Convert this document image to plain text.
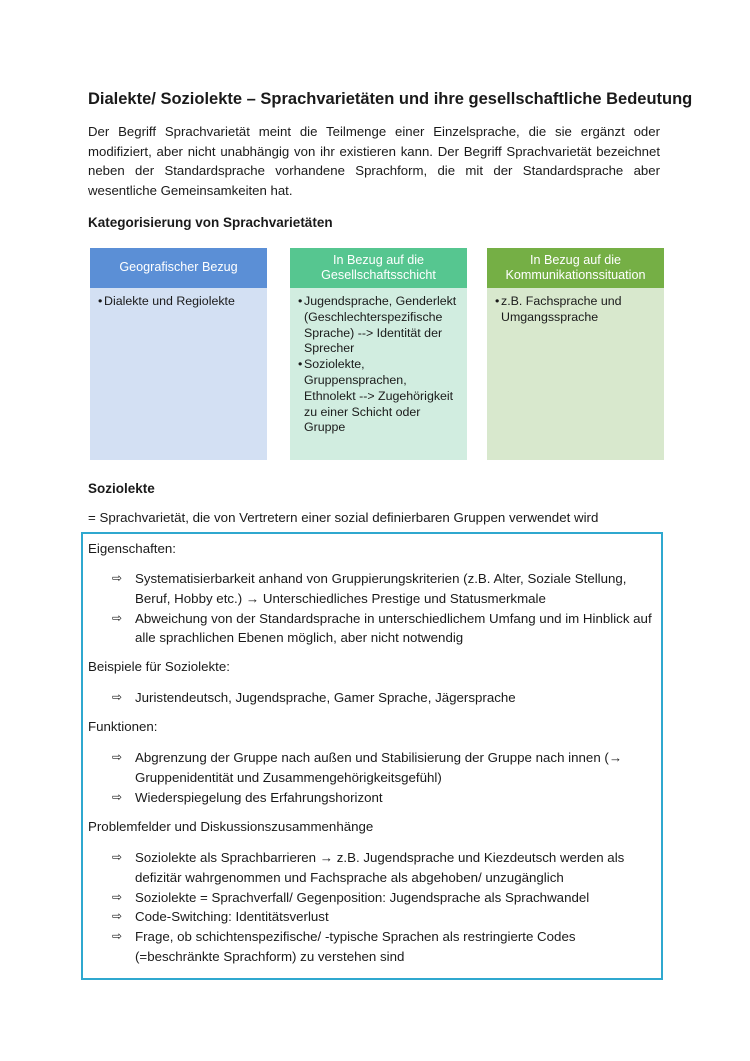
Dialekte/ Soziolekte – Sprachvarietäten und ihre gesellschaftliche Bedeutung
Der Begriff Sprachvarietät meint die Teilmenge einer Einzelsprache, die sie ergänzt oder modifiziert, aber nicht unabhängig von ihr existieren kann. Der Begriff Sprachvarietät bezeichnet neben der Standardsprache vorhandene Sprachform, die mit der Standardsprache aber wesentliche Gemeinsamkeiten hat.
Kategorisierung von Sprachvarietäten
Geografischer Bezug
• Dialekte und Regiolekte
In Bezug auf die
Gesellschaftsschicht
• Jugendsprache, Genderlekt (Geschlechterspezifische Sprache) --> Identität der Sprecher
• Soziolekte, Gruppensprachen, Ethnolekt --> Zugehörigkeit zu einer Schicht oder Gruppe
In Bezug auf die
Kommunikationssituation
• z.B. Fachsprache und Umgangssprache
Soziolekte
= Sprachvarietät, die von Vertretern einer sozial definierbaren Gruppen verwendet wird
Eigenschaften:
⇨ Systematisierbarkeit anhand von Gruppierungskriterien (z.B. Alter, Soziale Stellung, Beruf, Hobby etc.) → Unterschiedliches Prestige und Statusmerkmale
⇨ Abweichung von der Standardsprache in unterschiedlichem Umfang und im Hinblick auf alle sprachlichen Ebenen möglich, aber nicht notwendig
Beispiele für Soziolekte:
⇨ Juristendeutsch, Jugendsprache, Gamer Sprache, Jägersprache
Funktionen:
⇨ Abgrenzung der Gruppe nach außen und Stabilisierung der Gruppe nach innen (→ Gruppenidentität und Zusammengehörigkeitsgefühl)
⇨ Wiederspiegelung des Erfahrungshorizont
Problemfelder und Diskussionszusammenhänge
⇨ Soziolekte als Sprachbarrieren → z.B. Jugendsprache und Kiezdeutsch werden als defizitär wahrgenommen und Fachsprache als abgehoben/ unzugänglich
⇨ Soziolekte = Sprachverfall/ Gegenposition: Jugendsprache als Sprachwandel
⇨ Code-Switching: Identitätsverlust
⇨ Frage, ob schichtenspezifische/ -typische Sprachen als restringierte Codes (=beschränkte Sprachform) zu verstehen sind
